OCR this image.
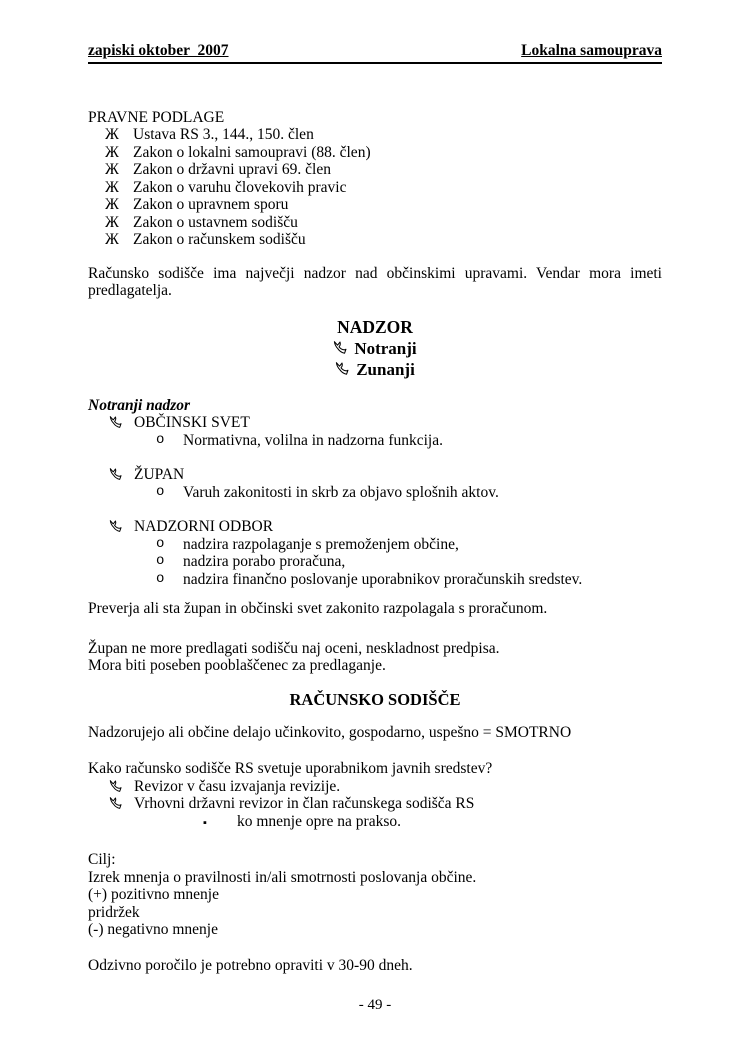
zapiski oktober  2007	Lokalna samouprava
PRAVNE PODLAGE
Ж Ustava RS 3., 144., 150. člen
Ж Zakon o lokalni samoupravi (88. člen)
Ж Zakon o državni upravi 69. člen
Ж Zakon o varuhu človekovih pravic
Ж Zakon o upravnem sporu
Ж Zakon o ustavnem sodišču
Ж Zakon o računskem sodišču
Računsko sodišče ima največji nadzor nad občinskimi upravami. Vendar mora imeti
predlagatelja.
NADZOR
Notranji
Zunanji
Notranji nadzor
OBČINSKI SVET
o	Normativna, volilna in nadzorna funkcija.
ŽUPAN
o	Varuh zakonitosti in skrb za objavo splošnih aktov.
NADZORNI ODBOR
o	nadzira razpolaganje s premoženjem občine,
o	nadzira porabo proračuna,
o	nadzira finančno poslovanje uporabnikov proračunskih sredstev.
Preverja ali sta župan in občinski svet zakonito razpolagala s proračunom.
Župan ne more predlagati sodišču naj oceni, neskladnost predpisa.
Mora biti poseben pooblaščenec za predlaganje.
RAČUNSKO SODIŠČE
Nadzorujejo ali občine delajo učinkovito, gospodarno, uspešno = SMOTRNO
Kako računsko sodišče RS svetuje uporabnikom javnih sredstev?
Revizor v času izvajanja revizije.
Vrhovni državni revizor in član računskega sodišča RS
▪	ko mnenje opre na prakso.
Cilj:
Izrek mnenja o pravilnosti in/ali smotrnosti poslovanja občine.
(+) pozitivno mnenje
pridržek
(-) negativno mnenje
Odzivno poročilo je potrebno opraviti v 30-90 dneh.
- 49 -
